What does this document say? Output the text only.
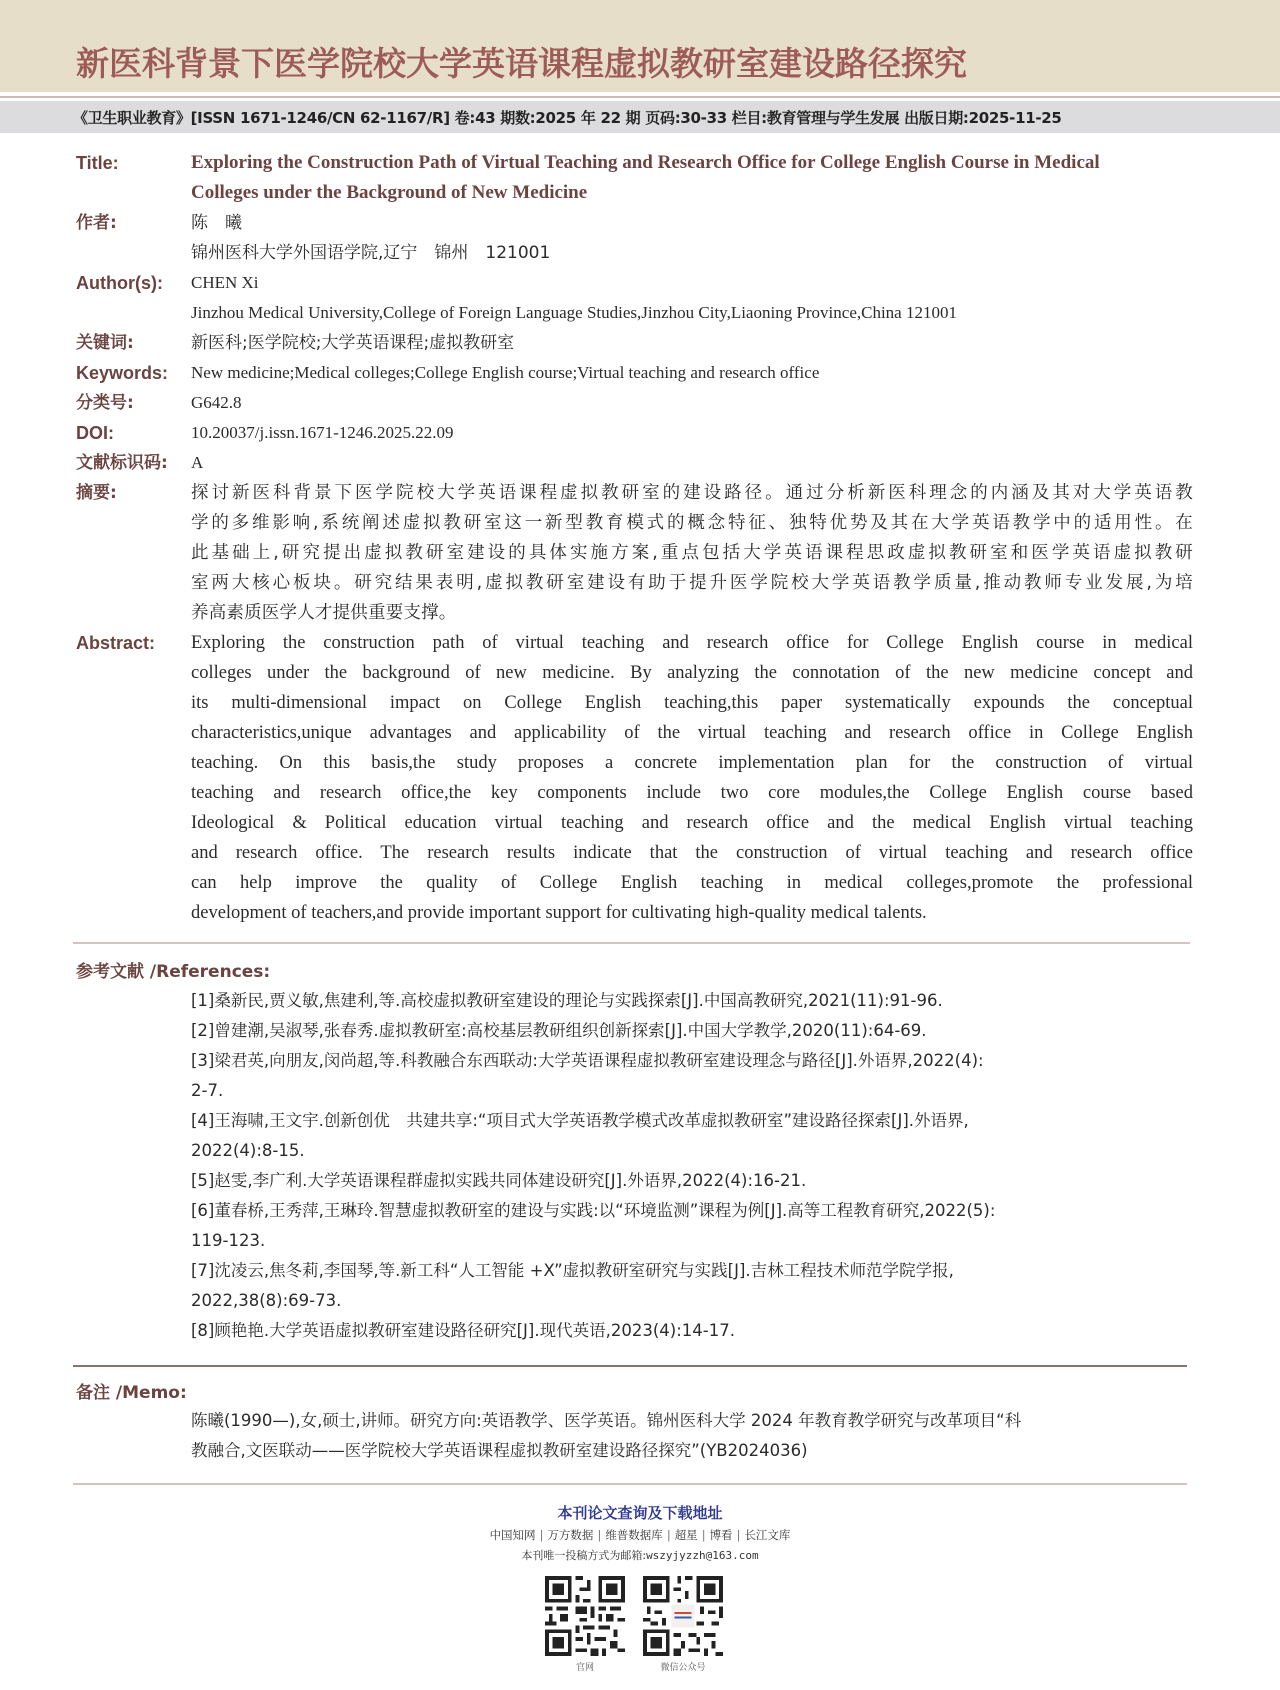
新医科背景下医学院校大学英语课程虚拟教研室建设路径探究
《卫生职业教育》[ISSN 1671-1246/CN 62-1167/R] 卷:43 期数:2025 年 22 期 页码:30-33 栏目:教育管理与学生发展 出版日期:2025-11-25
Title:	Exploring the Construction Path of Virtual Teaching and Research Office for College English Course in Medical
Colleges under the Background of New Medicine
作者:	陈　曦
锦州医科大学外国语学院,辽宁　锦州　121001
Author(s): CHEN Xi
Jinzhou Medical University,College of Foreign Language Studies,Jinzhou City,Liaoning Province,China 121001
关键词:	新医科;医学院校;大学英语课程;虚拟教研室
Keywords: New medicine;Medical colleges;College English course;Virtual teaching and research office
分类号:	G642.8
DOI:	10.20037/j.issn.1671-1246.2025.22.09
文献标识码: A
摘要:	探讨新医科背景下医学院校大学英语课程虚拟教研室的建设路径。通过分析新医科理念的内涵及其对大学英语教
学的多维影响,系统阐述虚拟教研室这一新型教育模式的概念特征、独特优势及其在大学英语教学中的适用性。在
此基础上,研究提出虚拟教研室建设的具体实施方案,重点包括大学英语课程思政虚拟教研室和医学英语虚拟教研
室两大核心板块。研究结果表明,虚拟教研室建设有助于提升医学院校大学英语教学质量,推动教师专业发展,为培
养高素质医学人才提供重要支撑。
Abstract: Exploring the construction path of virtual teaching and research office for College English course in medical
colleges under the background of new medicine. By analyzing the connotation of the new medicine concept and
its multi-dimensional impact on College English teaching,this paper systematically expounds the conceptual
characteristics,unique advantages and applicability of the virtual teaching and research office in College English
teaching. On this basis,the study proposes a concrete implementation plan for the construction of virtual
teaching and research office,the key components include two core modules,the College English course based
Ideological & Political education virtual teaching and research office and the medical English virtual teaching
and research office. The research results indicate that the construction of virtual teaching and research office
can help improve the quality of College English teaching in medical colleges,promote the professional
development of teachers,and provide important support for cultivating high-quality medical talents.
参考文献 /References:
[1]桑新民,贾义敏,焦建利,等.高校虚拟教研室建设的理论与实践探索[J].中国高教研究,2021(11):91-96.
[2]曾建潮,吴淑琴,张春秀.虚拟教研室:高校基层教研组织创新探索[J].中国大学教学,2020(11):64-69.
[3]梁君英,向朋友,闵尚超,等.科教融合东西联动:大学英语课程虚拟教研室建设理念与路径[J].外语界,2022(4):
2-7.
[4]王海啸,王文宇.创新创优　共建共享:“项目式大学英语教学模式改革虚拟教研室”建设路径探索[J].外语界,
2022(4):8-15.
[5]赵雯,李广利.大学英语课程群虚拟实践共同体建设研究[J].外语界,2022(4):16-21.
[6]董春桥,王秀萍,王琳玲.智慧虚拟教研室的建设与实践:以“环境监测”课程为例[J].高等工程教育研究,2022(5):
119-123.
[7]沈凌云,焦冬莉,李国琴,等.新工科“人工智能 +X”虚拟教研室研究与实践[J].吉林工程技术师范学院学报,
2022,38(8):69-73.
[8]顾艳艳.大学英语虚拟教研室建设路径研究[J].现代英语,2023(4):14-17.
备注 /Memo:
陈曦(1990—),女,硕士,讲师。研究方向:英语教学、医学英语。锦州医科大学 2024 年教育教学研究与改革项目“科
教融合,文医联动——医学院校大学英语课程虚拟教研室建设路径探究”(YB2024036)
本刊论文查询及下载地址
中国知网 | 万方数据 | 维普数据库 | 超星 | 博看 | 长江文库
本刊唯一投稿方式为邮箱:wszyjyzzh@163.com
官网	微信公众号
